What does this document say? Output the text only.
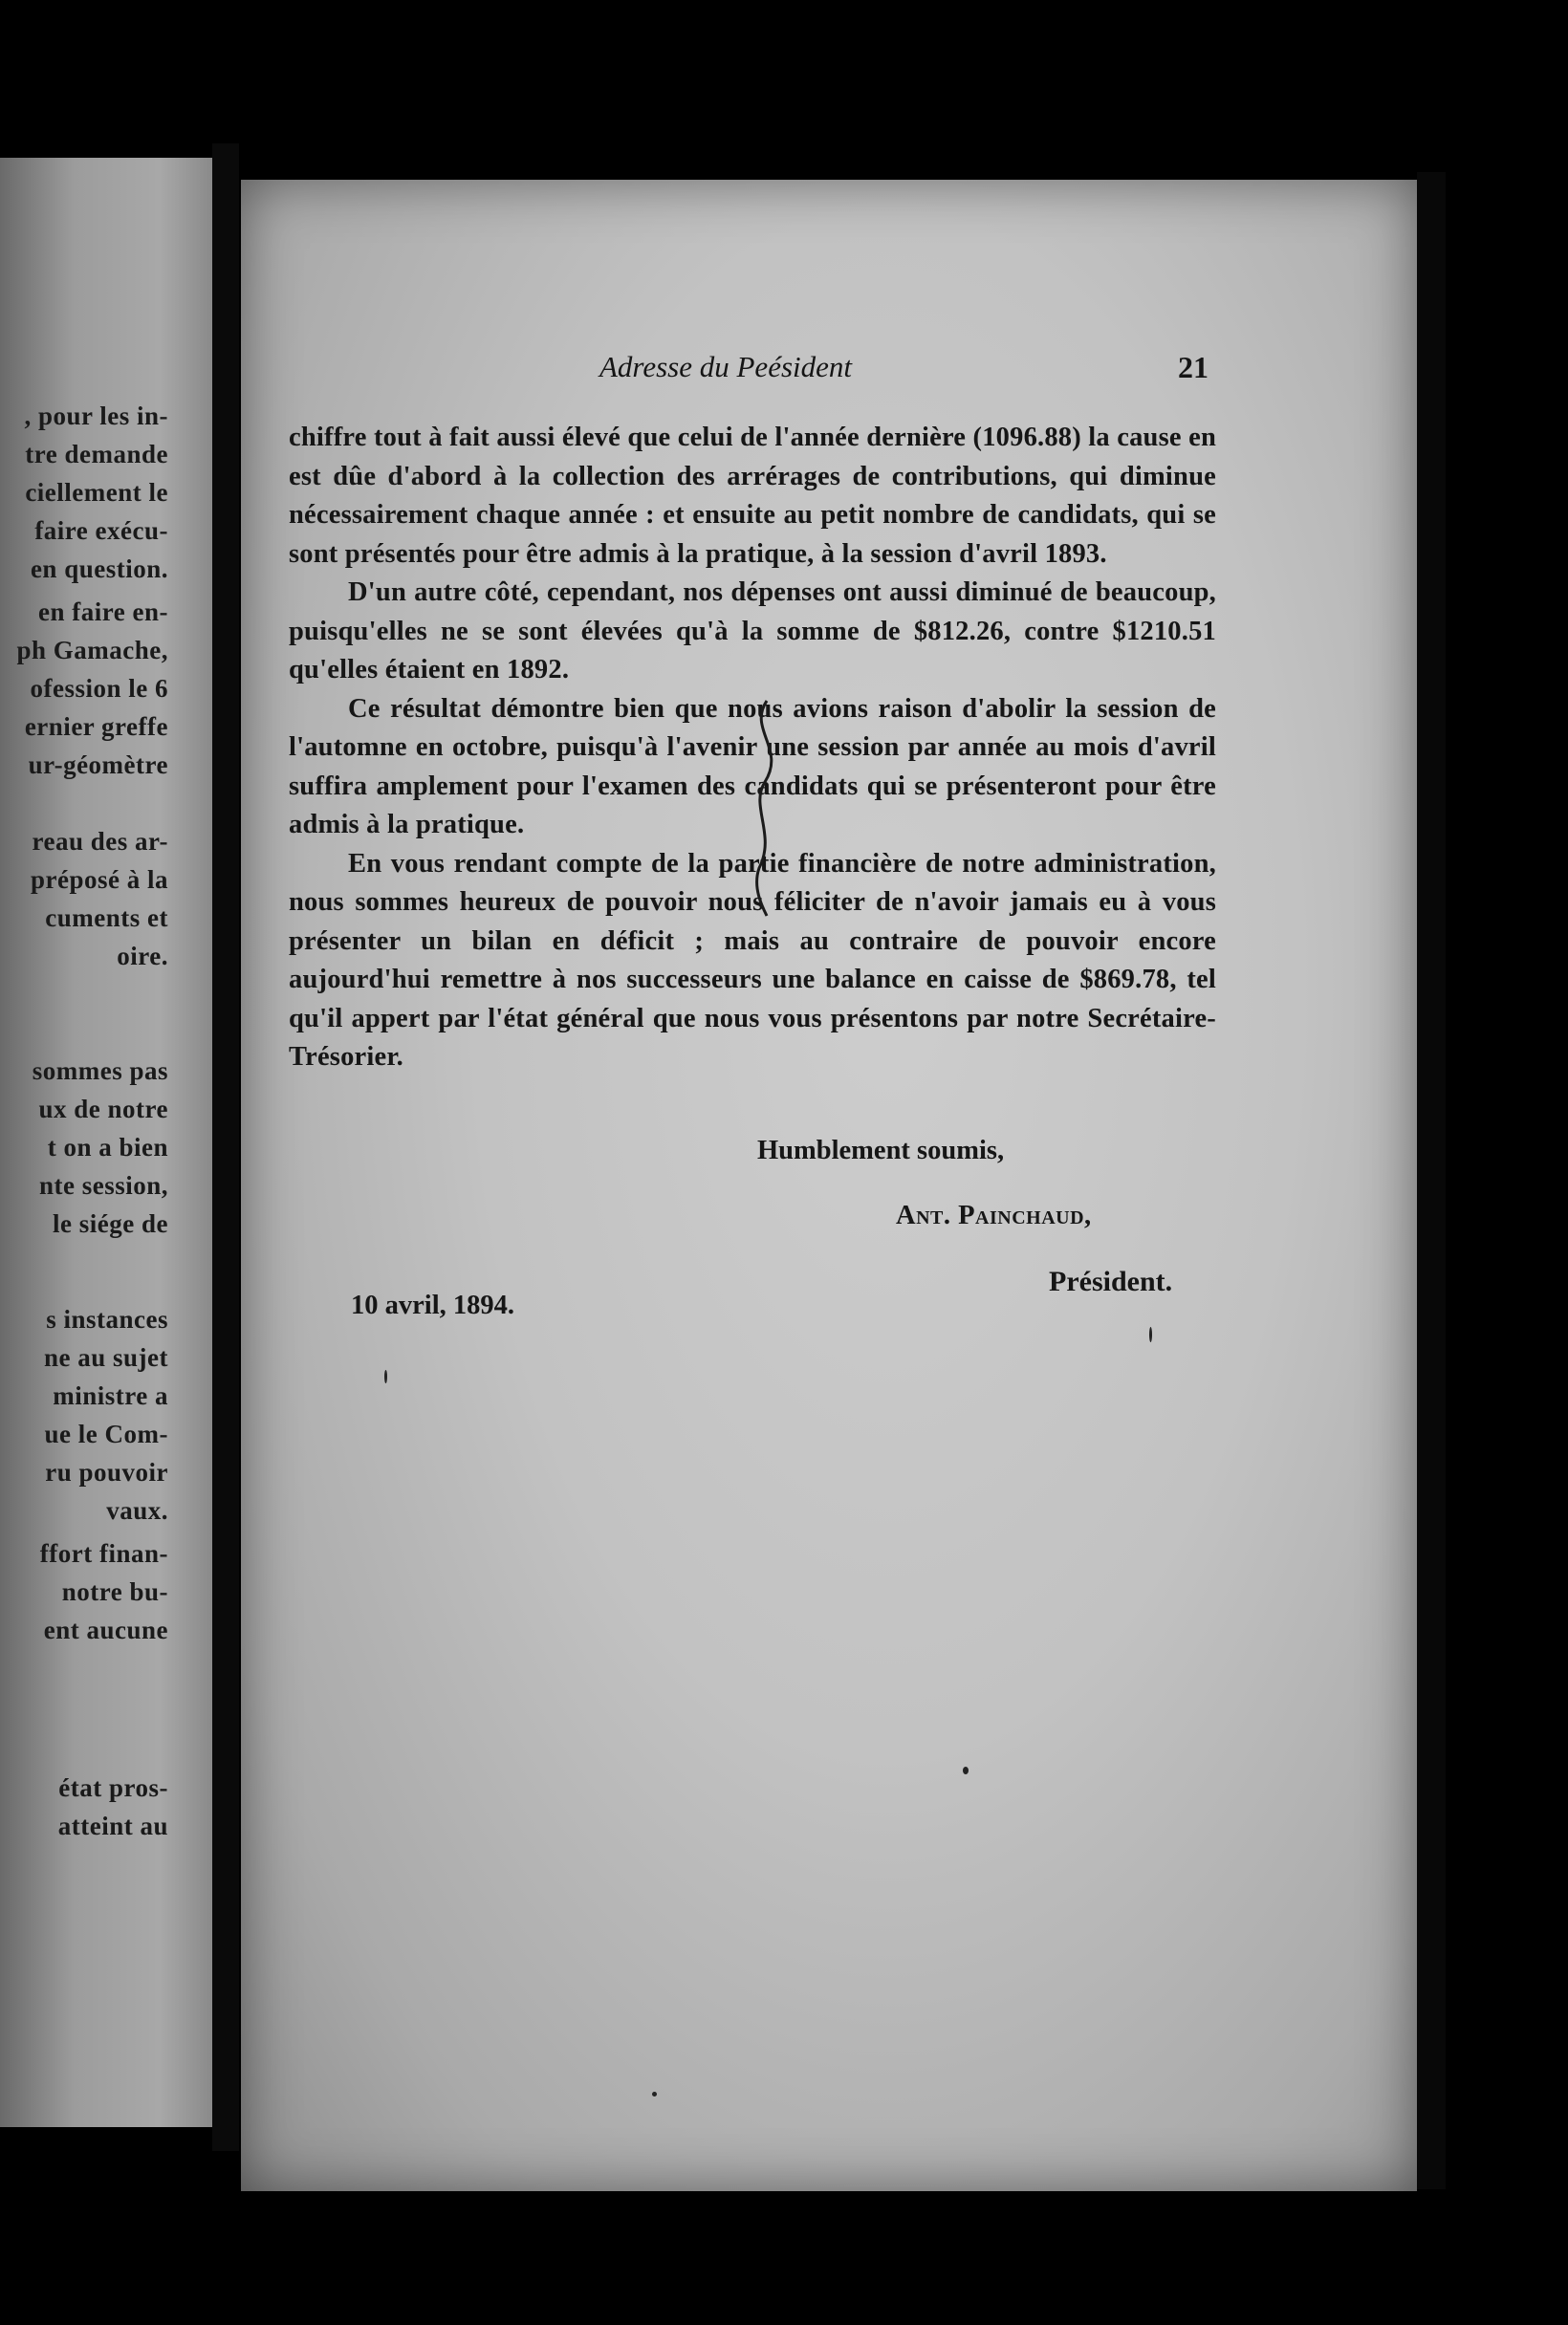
, pour les in-
tre demande
ciellement le
faire exécu-
en question.
en faire en-
ph Gamache,
ofession le 6
ernier greffe
ur-géomètre
reau des ar-
préposé à la
cuments et
oire.
sommes pas
ux de notre
t on a bien
nte session,
le siége de
s instances
ne au sujet
ministre a
ue le Com-
ru pouvoir
vaux.
ffort finan-
notre bu-
ent aucune
état pros-
atteint au
Adresse du Peésident	21

chiffre tout à fait aussi élevé que celui de l'année dernière (1096.88) la cause en est dûe d'abord à la collection des arrérages de contributions, qui diminue nécessairement chaque année : et ensuite au petit nombre de candidats, qui se sont présentés pour être admis à la pratique, à la session d'avril 1893.

D'un autre côté, cependant, nos dépenses ont aussi diminué de beaucoup, puisqu'elles ne se sont élevées qu'à la somme de $812.26, contre $1210.51 qu'elles étaient en 1892.

Ce résultat démontre bien que nous avions raison d'abolir la session de l'automne en octobre, puisqu'à l'avenir une session par année au mois d'avril suffira amplement pour l'examen des candidats qui se présenteront pour être admis à la pratique.

En vous rendant compte de la partie financière de notre administration, nous sommes heureux de pouvoir nous féliciter de n'avoir jamais eu à vous présenter un bilan en déficit ; mais au contraire de pouvoir encore aujourd'hui remettre à nos successeurs une balance en caisse de $869.78, tel qu'il appert par l'état général que nous vous présentons par notre Secrétaire-Trésorier.

Humblement soumis,
Ant. Painchaud,
Président.
10 avril, 1894.
